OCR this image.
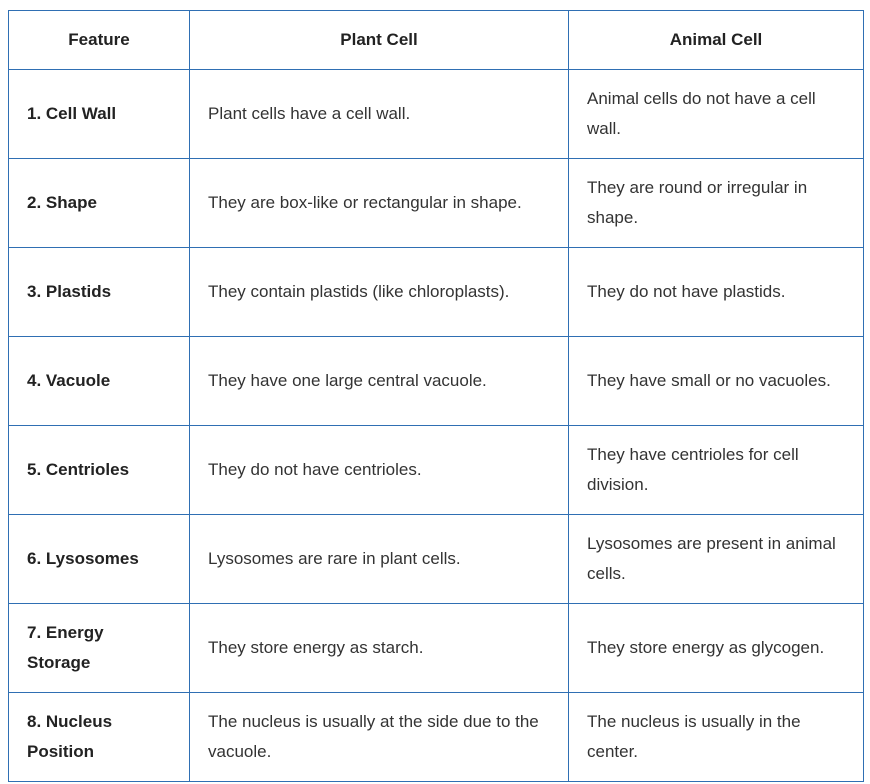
Feature	Plant Cell	Animal Cell
1. Cell Wall	Plant cells have a cell wall.	Animal cells do not have a cell wall.
2. Shape	They are box-like or rectangular in shape.	They are round or irregular in shape.
3. Plastids	They contain plastids (like chloroplasts).	They do not have plastids.
4. Vacuole	They have one large central vacuole.	They have small or no vacuoles.
5. Centrioles	They do not have centrioles.	They have centrioles for cell division.
6. Lysosomes	Lysosomes are rare in plant cells.	Lysosomes are present in animal cells.
7. Energy Storage	They store energy as starch.	They store energy as glycogen.
8. Nucleus Position	The nucleus is usually at the side due to the vacuole.	The nucleus is usually in the center.
